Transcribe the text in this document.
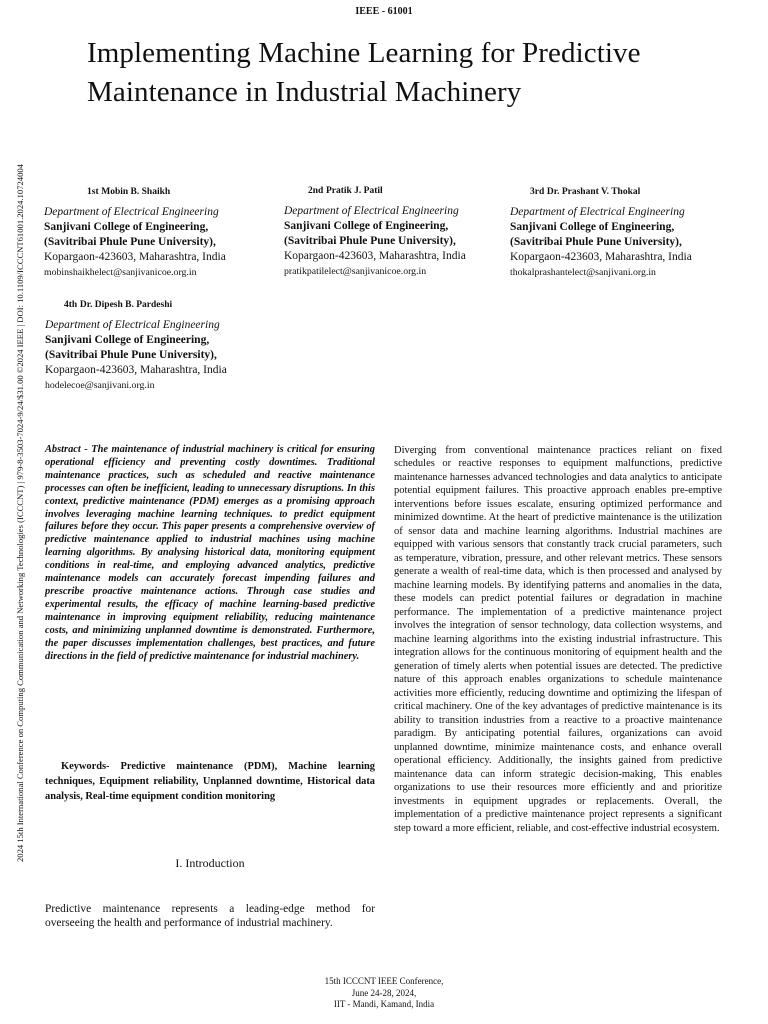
IEEE - 61001
2024 15th International Conference on Computing Communication and Networking Technologies (ICCCNT) | 979-8-3503-7024-9/24/$31.00 ©2024 IEEE | DOI: 10.1109/ICCCNT61001.2024.10724004
Implementing Machine Learning for Predictive Maintenance in Industrial Machinery
1st Mobin B. Shaikh
Department of Electrical Engineering
Sanjivani College of Engineering,
(Savitribai Phule Pune University),
Kopargaon-423603, Maharashtra, India
mobinshaikhelect@sanjivanicoe.org.in
2nd Pratik J. Patil
Department of Electrical Engineering
Sanjivani College of Engineering,
(Savitribai Phule Pune University),
Kopargaon-423603, Maharashtra, India
pratikpatilelect@sanjivanicoe.org.in
3rd Dr. Prashant V. Thokal
Department of Electrical Engineering
Sanjivani College of Engineering,
(Savitribai Phule Pune University),
Kopargaon-423603, Maharashtra, India
thokalprashantelect@sanjivani.org.in
4th Dr. Dipesh B. Pardeshi
Department of Electrical Engineering
Sanjivani College of Engineering,
(Savitribai Phule Pune University),
Kopargaon-423603, Maharashtra, India
hodelecoe@sanjivani.org.in
Abstract - The maintenance of industrial machinery is critical for ensuring operational efficiency and preventing costly downtimes. Traditional maintenance practices, such as scheduled and reactive maintenance processes can often be inefficient, leading to unnecessary disruptions. In this context, predictive maintenance (PDM) emerges as a promising approach involves leveraging machine learning techniques. to predict equipment failures before they occur. This paper presents a comprehensive overview of predictive maintenance applied to industrial machines using machine learning algorithms. By analysing historical data, monitoring equipment conditions in real-time, and employing advanced analytics, predictive maintenance models can accurately forecast impending failures and prescribe proactive maintenance actions. Through case studies and experimental results, the efficacy of machine learning-based predictive maintenance in improving equipment reliability, reducing maintenance costs, and minimizing unplanned downtime is demonstrated. Furthermore, the paper discusses implementation challenges, best practices, and future directions in the field of predictive maintenance for industrial machinery.
Keywords- Predictive maintenance (PDM), Machine learning techniques, Equipment reliability, Unplanned downtime, Historical data analysis, Real-time equipment condition monitoring
I. Introduction
Predictive maintenance represents a leading-edge method for overseeing the health and performance of industrial machinery.
Diverging from conventional maintenance practices reliant on fixed schedules or reactive responses to equipment malfunctions, predictive maintenance harnesses advanced technologies and data analytics to anticipate potential equipment failures. This proactive approach enables pre-emptive interventions before issues escalate, ensuring optimized performance and minimized downtime. At the heart of predictive maintenance is the utilization of sensor data and machine learning algorithms. Industrial machines are equipped with various sensors that constantly track crucial parameters, such as temperature, vibration, pressure, and other relevant metrics. These sensors generate a wealth of real-time data, which is then processed and analysed by machine learning models. By identifying patterns and anomalies in the data, these models can predict potential failures or degradation in machine performance. The implementation of a predictive maintenance project involves the integration of sensor technology, data collection wsystems, and machine learning algorithms into the existing industrial infrastructure. This integration allows for the continuous monitoring of equipment health and the generation of timely alerts when potential issues are detected. The predictive nature of this approach enables organizations to schedule maintenance activities more efficiently, reducing downtime and optimizing the lifespan of critical machinery. One of the key advantages of predictive maintenance is its ability to transition industries from a reactive to a proactive maintenance paradigm. By anticipating potential failures, organizations can avoid unplanned downtime, minimize maintenance costs, and enhance overall operational efficiency. Additionally, the insights gained from predictive maintenance data can inform strategic decision-making, This enables organizations to use their resources more efficiently and and prioritize investments in equipment upgrades or replacements. Overall, the implementation of a predictive maintenance project represents a significant step toward a more efficient, reliable, and cost-effective industrial ecosystem.
15th ICCCNT IEEE Conference,
June 24-28, 2024,
IIT - Mandi, Kamand, India
